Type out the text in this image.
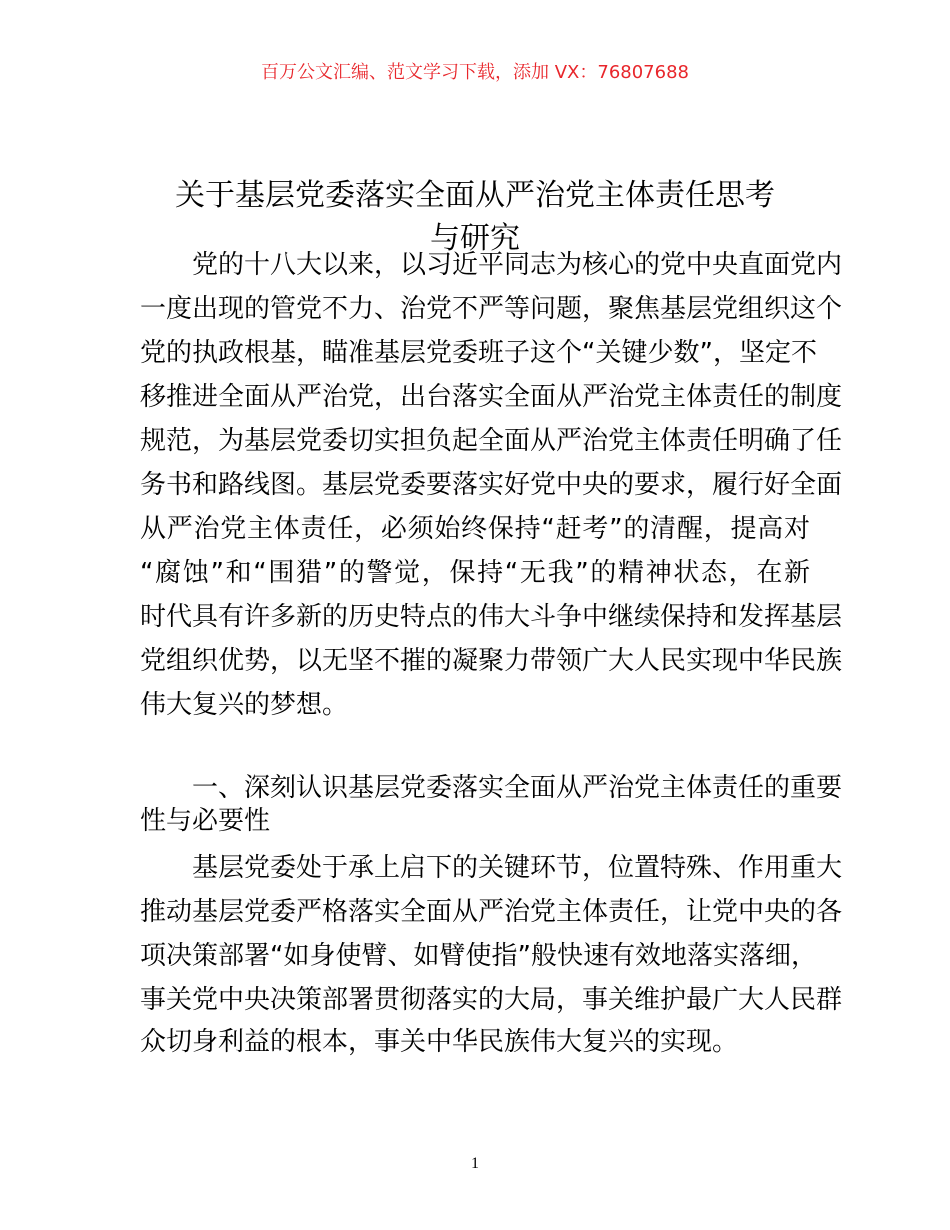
百万公文汇编、范文学习下载，添加 VX：76807688
关于基层党委落实全面从严治党主体责任思考
与研究
党的十八大以来，以习近平同志为核心的党中央直面党内
一度出现的管党不力、治党不严等问题，聚焦基层党组织这个
党的执政根基，瞄准基层党委班子这个“关键少数”，坚定不
移推进全面从严治党，出台落实全面从严治党主体责任的制度
规范，为基层党委切实担负起全面从严治党主体责任明确了任
务书和路线图。基层党委要落实好党中央的要求，履行好全面
从严治党主体责任，必须始终保持“赶考”的清醒，提高对
“腐蚀”和“围猎”的警觉，保持“无我”的精神状态，在新
时代具有许多新的历史特点的伟大斗争中继续保持和发挥基层
党组织优势，以无坚不摧的凝聚力带领广大人民实现中华民族
伟大复兴的梦想。
一、深刻认识基层党委落实全面从严治党主体责任的重要
性与必要性
基层党委处于承上启下的关键环节，位置特殊、作用重大
推动基层党委严格落实全面从严治党主体责任，让党中央的各
项决策部署“如身使臂、如臂使指”般快速有效地落实落细，
事关党中央决策部署贯彻落实的大局，事关维护最广大人民群
众切身利益的根本，事关中华民族伟大复兴的实现。
1
